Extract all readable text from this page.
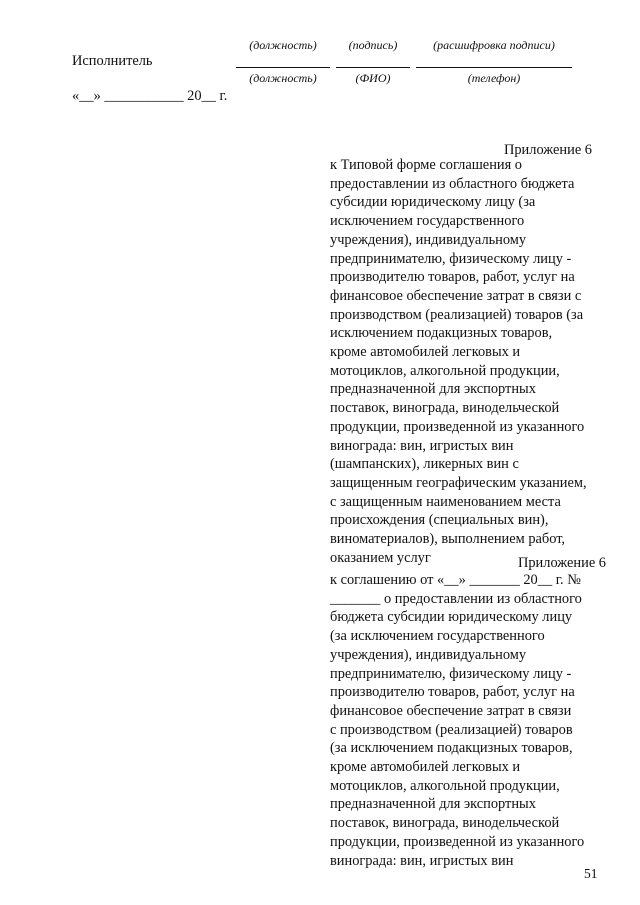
(должность)	(подпись)	(расшифровка подписи)
Исполнитель
(должность)	(ФИО)	(телефон)
«__» ___________ 20__ г.
Приложение 6
к Типовой форме соглашения о
предоставлении из областного бюджета
субсидии юридическому лицу (за
исключением государственного
учреждения), индивидуальному
предпринимателю, физическому лицу -
производителю товаров, работ, услуг на
финансовое обеспечение затрат в связи с
производством (реализацией) товаров (за
исключением подакцизных товаров,
кроме автомобилей легковых и
мотоциклов, алкогольной продукции,
предназначенной для экспортных
поставок, винограда, винодельческой
продукции, произведенной из указанного
винограда: вин, игристых вин
(шампанских), ликерных вин с
защищенным географическим указанием,
с защищенным наименованием места
происхождения (специальных вин),
виноматериалов), выполнением работ,
оказанием услуг	Приложение 6
к соглашению от «__» _______ 20__ г. №
_______ о предоставлении из областного
бюджета субсидии юридическому лицу
(за исключением государственного
учреждения), индивидуальному
предпринимателю, физическому лицу -
производителю товаров, работ, услуг на
финансовое обеспечение затрат в связи
с производством (реализацией) товаров
(за исключением подакцизных товаров,
кроме автомобилей легковых и
мотоциклов, алкогольной продукции,
предназначенной для экспортных
поставок, винограда, винодельческой
продукции, произведенной из указанного
винограда: вин, игристых вин
51
